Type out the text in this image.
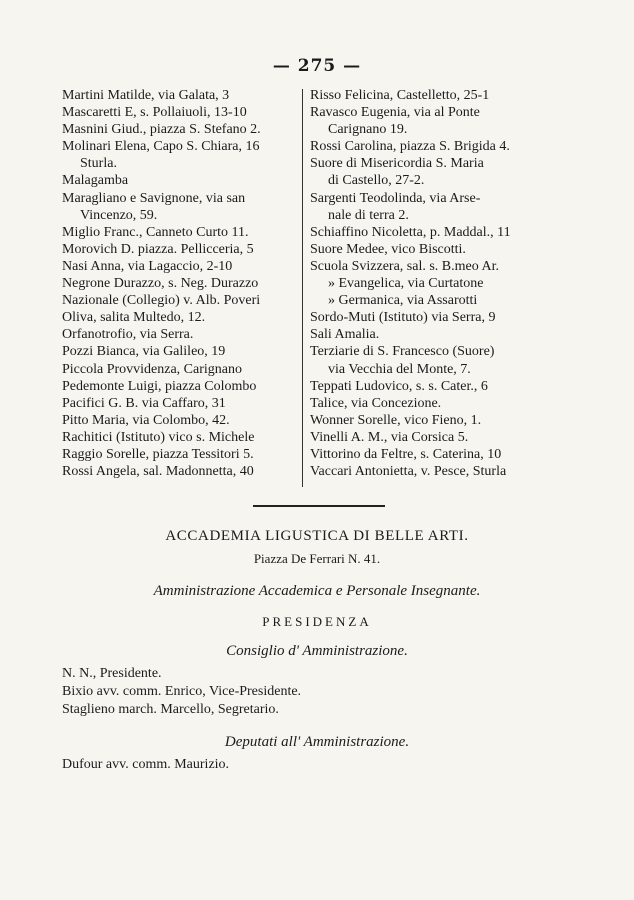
— 275 —
Martini Matilde, via Galata, 3
Mascaretti E, s. Pollaiuoli, 13-10
Masnini Giud., piazza S. Stefano 2.
Molinari Elena, Capo S. Chiara, 16
Sturla.
Malagamba
Maragliano e Savignone, via san
Vincenzo, 59.
Miglio Franc., Canneto Curto 11.
Morovich D. piazza. Pellicceria, 5
Nasi Anna, via Lagaccio, 2-10
Negrone Durazzo, s. Neg. Durazzo
Nazionale (Collegio) v. Alb. Poveri
Oliva, salita Multedo, 12.
Orfanotrofio, via Serra.
Pozzi Bianca, via Galileo, 19
Piccola Provvidenza, Carignano
Pedemonte Luigi, piazza Colombo
Pacifici G. B. via Caffaro, 31
Pitto Maria, via Colombo, 42.
Rachitici (Istituto) vico s. Michele
Raggio Sorelle, piazza Tessitori 5.
Rossi Angela, sal. Madonnetta, 40
Risso Felicina, Castelletto, 25-1
Ravasco Eugenia, via al Ponte
Carignano 19.
Rossi Carolina, piazza S. Brigida 4.
Suore di Misericordia S. Maria
di Castello, 27-2.
Sargenti Teodolinda, via Arse-
nale di terra 2.
Schiaffino Nicoletta, p. Maddal., 11
Suore Medee, vico Biscotti.
Scuola Svizzera, sal. s. B.meo Ar.
» Evangelica, via Curtatone
» Germanica, via Assarotti
Sordo-Muti (Istituto) via Serra, 9
Sali Amalia.
Terziarie di S. Francesco (Suore)
via Vecchia del Monte, 7.
Teppati Ludovico, s. s. Cater., 6
Talice, via Concezione.
Wonner Sorelle, vico Fieno, 1.
Vinelli A. M., via Corsica 5.
Vittorino da Feltre, s. Caterina, 10
Vaccari Antonietta, v. Pesce, Sturla
ACCADEMIA LIGUSTICA DI BELLE ARTI.
Piazza De Ferrari N. 41.
Amministrazione Accademica e Personale Insegnante.
PRESIDENZA
Consiglio d' Amministrazione.
N. N., Presidente.
Bixio avv. comm. Enrico, Vice-Presidente.
Staglieno march. Marcello, Segretario.
Deputati all' Amministrazione.
Dufour avv. comm. Maurizio.
